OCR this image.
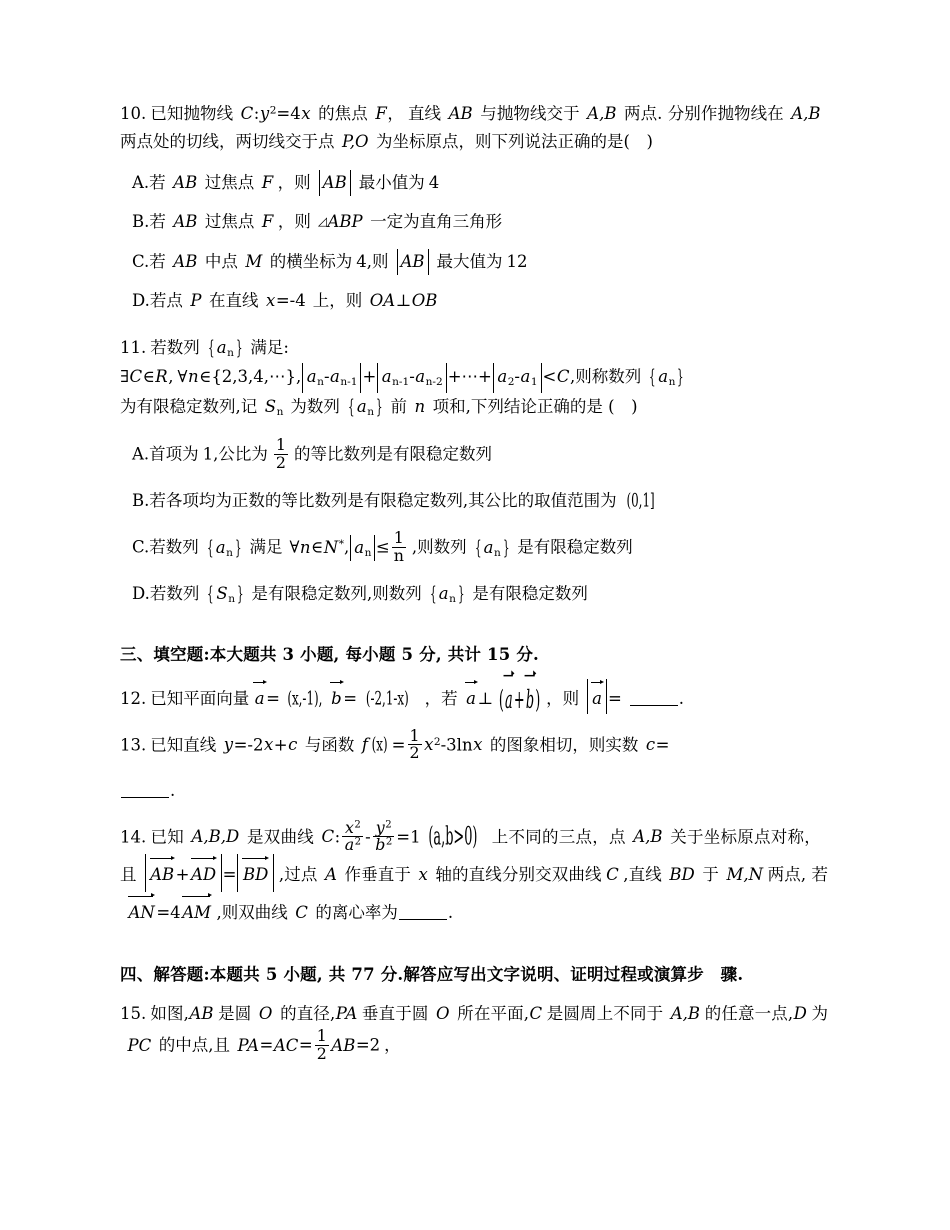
10. 已知抛物线 $C:y^2=4x$ 的焦点 F， 直线 AB 与抛物线交于 A,B 两点. 分别作抛物线在 A,B两点处的切线，两切线交于点 P,O 为坐标原点，则下列说法正确的是(　)
A.若 AB 过焦点 F ，则 AB 最小值为 4
B.若 AB 过焦点 F ，则 ◿ABP 一定为直角三角形
C.若 AB 中点 M 的横坐标为 4,则 AB 最大值为 12
D.若点 P 在直线 x=-4 上，则 OA⊥OB
11. 若数列 { $a_n$ } 满足:
∃C∈R, ∀n∈{2,3,4,⋯}, $a_n-a_{n-1} + a_{n-1}-a_{n-2}$ +⋯+ $a_2-a_1 <C$,则称数列 { $a_n$ }
为有限稳定数列,记 $S_n$ 为数列 { $a_n$ } 前 n 项和,下列结论正确的是 (　)
A.首项为 1,公比为 $\frac{1}{2}$ 的等比数列是有限稳定数列
B.若各项均为正数的等比数列是有限稳定数列,其公比的取值范围为 (0,1]
C.若数列 { $a_n$ } 满足 ∀n∈N*, $a_n \le \frac{1}{n}$ ,则数列 { $a_n$ } 是有限稳定数列
D.若数列 { $S_n$ } 是有限稳定数列,则数列 { $a_n$ } 是有限稳定数列
三、填空题:本大题共 3 小题, 每小题 5 分, 共计 15 分.
12. 已知平面向量 a= (x,-1), b= (-2,1-x) ，若 a⊥ (
a+
b) ，则 a =	.
13. 已知直线 y=-2x+c 与函数 f $(x) = \frac{1}{2} x^2-3\ln x$ 的图象相切，则实数 c=
.
14. 已知 A,B,D 是双曲线 C: $\frac{x^2}{a^2} - \frac{y^2}{b^2} =1$ (a,b>0) 上不同的三点，点 A,B 关于坐标原点对称，且 AB+
AD = BD ,过点 A 作垂直于 x 轴的直线分别交双曲线 C ,直线 BD 于 M,N 两点, 若
AN=4
AM ,则双曲线 C 的离心率为	.
四、解答题:本题共 5 小题, 共 77 分.解答应写出文字说明、证明过程或演算步　骤.
15. 如图,AB 是圆 O 的直径,PA 垂直于圆 O 所在平面,C 是圆周上不同于 A,B 的任意一点,D 为PC 的中点,且 $PA=AC= \frac{1}{2} AB=2$ ，
